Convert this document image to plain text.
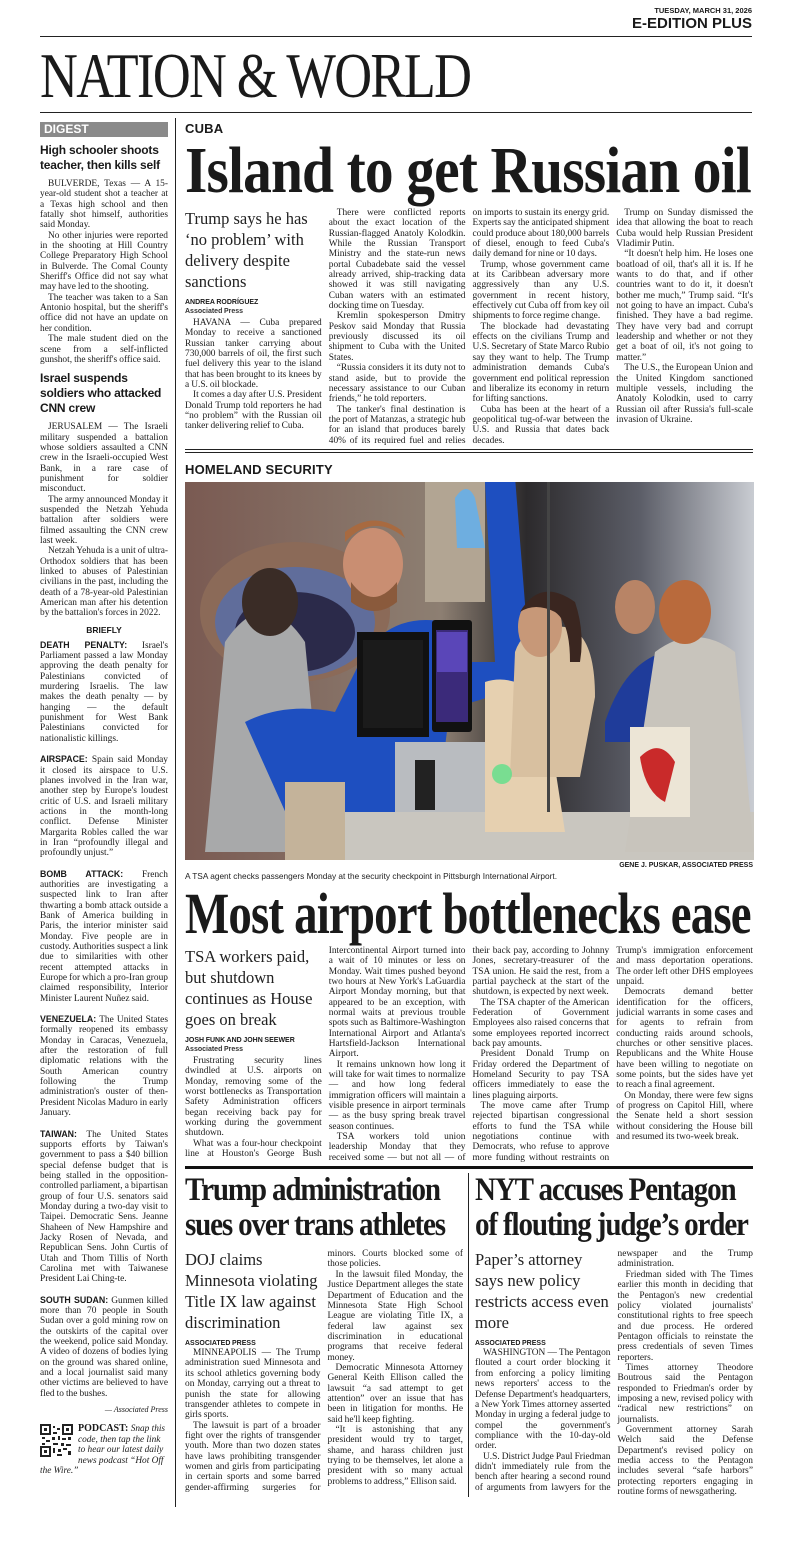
TUESDAY, MARCH 31, 2026
E-EDITION PLUS
NATION & WORLD
DIGEST
High schooler shoots teacher, then kills self

BULVERDE, Texas — A 15-year-old student shot a teacher at a Texas high school and then fatally shot himself, authorities said Monday.

No other injuries were reported in the shooting at Hill Country College Preparatory High School in Bulverde. The Comal County Sheriff's Office did not say what may have led to the shooting.

The teacher was taken to a San Antonio hospital, but the sheriff's office did not have an update on her condition.

The male student died on the scene from a self-inflicted gunshot, the sheriff's office said.

Israel suspends soldiers who attacked CNN crew

JERUSALEM — The Israeli military suspended a battalion whose soldiers assaulted a CNN crew in the Israeli-occupied West Bank, in a rare case of punishment for soldier misconduct.

The army announced Monday it suspended the Netzah Yehuda battalion after soldiers were filmed assaulting the CNN crew last week.

Netzah Yehuda is a unit of ultra-Orthodox soldiers that has been linked to abuses of Palestinian civilians in the past, including the death of a 78-year-old Palestinian American man after his detention by the battalion's forces in 2022.

BRIEFLY

DEATH PENALTY: Israel's Parliament passed a law Monday approving the death penalty for Palestinians convicted of murdering Israelis. The law makes the death penalty — by hanging — the default punishment for West Bank Palestinians convicted for nationalistic killings.

AIRSPACE: Spain said Monday it closed its airspace to U.S. planes involved in the Iran war, another step by Europe's loudest critic of U.S. and Israeli military actions in the month-long conflict. Defense Minister Margarita Robles called the war in Iran “profoundly illegal and profoundly unjust.”

BOMB ATTACK: French authorities are investigating a suspected link to Iran after thwarting a bomb attack outside a Bank of America building in Paris, the interior minister said Monday. Five people are in custody. Authorities suspect a link due to similarities with other recent attempted attacks in Europe for which a pro-Iran group claimed responsibility, Interior Minister Laurent Nuñez said.

VENEZUELA: The United States formally reopened its embassy Monday in Caracas, Venezuela, after the restoration of full diplomatic relations with the South American country following the Trump administration's ouster of then-President Nicolas Maduro in early January.

TAIWAN: The United States supports efforts by Taiwan's government to pass a $40 billion special defense budget that is being stalled in the opposition-controlled parliament, a bipartisan group of four U.S. senators said Monday during a two-day visit to Taipei. Democratic Sens. Jeanne Shaheen of New Hampshire and Jacky Rosen of Nevada, and Republican Sens. John Curtis of Utah and Thom Tillis of North Carolina met with Taiwanese President Lai Ching-te.

SOUTH SUDAN: Gunmen killed more than 70 people in South Sudan over a gold mining row on the outskirts of the capital over the weekend, police said Monday. A video of dozens of bodies lying on the ground was shared online, and a local journalist said many other victims are believed to have fled to the bushes.

— Associated Press
PODCAST: Snap this code, then tap the link to hear our latest daily news podcast “Hot Off the Wire.”
CUBA
Island to get Russian oil
Trump says he has ‘no problem’ with delivery despite sanctions
ANDREA RODRÍGUEZ
Associated Press

HAVANA — Cuba prepared Monday to receive a sanctioned Russian tanker carrying about 730,000 barrels of oil, the first such fuel delivery this year to the island that has been brought to its knees by a U.S. oil blockade.

It comes a day after U.S. President Donald Trump told reporters he had “no problem” with the Russian oil tanker delivering relief to Cuba.

There were conflicted reports about the exact location of the Russian-flagged Anatoly Kolodkin. While the Russian Transport Ministry and the state-run news portal Cubadebate said the vessel already arrived, ship-tracking data showed it was still navigating Cuban waters with an estimated docking time on Tuesday.

Kremlin spokesperson Dmitry Peskov said Monday that Russia previously discussed its oil shipment to Cuba with the United States.

“Russia considers it its duty not to stand aside, but to provide the necessary assistance to our Cuban friends,” he told reporters.

The tanker's final destination is the port of Matanzas, a strategic hub for an island that produces barely 40% of its required fuel and relies on imports to sustain its energy grid. Experts say the anticipated shipment could produce about 180,000 barrels of diesel, enough to feed Cuba's daily demand for nine or 10 days.

Trump, whose government came at its Caribbean adversary more aggressively than any U.S. government in recent history, effectively cut Cuba off from key oil shipments to force regime change.

The blockade had devastating effects on the civilians Trump and U.S. Secretary of State Marco Rubio say they want to help. The Trump administration demands Cuba's government end political repression and liberalize its economy in return for lifting sanctions.

Cuba has been at the heart of a geopolitical tug-of-war between the U.S. and Russia that dates back decades.

Trump on Sunday dismissed the idea that allowing the boat to reach Cuba would help Russian President Vladimir Putin.

“It doesn't help him. He loses one boatload of oil, that's all it is. If he wants to do that, and if other countries want to do it, it doesn't bother me much,” Trump said. “It's not going to have an impact. Cuba's finished. They have a bad regime. They have very bad and corrupt leadership and whether or not they get a boat of oil, it's not going to matter.”

The U.S., the European Union and the United Kingdom sanctioned multiple vessels, including the Anatoly Kolodkin, used to carry Russian oil after Russia's full-scale invasion of Ukraine.

HOMELAND SECURITY
GENE J. PUSKAR, ASSOCIATED PRESS
A TSA agent checks passengers Monday at the security checkpoint in Pittsburgh International Airport.
Most airport bottlenecks ease
TSA workers paid, but shutdown continues as House goes on break
JOSH FUNK AND JOHN SEEWER
Associated Press

Frustrating security lines dwindled at U.S. airports on Monday, removing some of the worst bottlenecks as Transportation Safety Administration officers began receiving back pay for working during the government shutdown.

What was a four-hour checkpoint line at Houston's George Bush Intercontinental Airport turned into a wait of 10 minutes or less on Monday. Wait times pushed beyond two hours at New York's LaGuardia Airport Monday morning, but that appeared to be an exception, with normal waits at previous trouble spots such as Baltimore-Washington International Airport and Atlanta's Hartsfield-Jackson International Airport.

It remains unknown how long it will take for wait times to normalize — and how long federal immigration officers will maintain a visible presence in airport terminals — as the busy spring break travel season continues.

TSA workers told union leadership Monday that they received some — but not all — of their back pay, according to Johnny Jones, secretary-treasurer of the TSA union. He said the rest, from a partial paycheck at the start of the shutdown, is expected by next week.

The TSA chapter of the American Federation of Government Employees also raised concerns that some employees reported incorrect back pay amounts.

President Donald Trump on Friday ordered the Department of Homeland Security to pay TSA officers immediately to ease the lines plaguing airports.

The move came after Trump rejected bipartisan congressional efforts to fund the TSA while negotiations continue with Democrats, who refuse to approve more funding without restraints on Trump's immigration enforcement and mass deportation operations. The order left other DHS employees unpaid.

Democrats demand better identification for the officers, judicial warrants in some cases and for agents to refrain from conducting raids around schools, churches or other sensitive places. Republicans and the White House have been willing to negotiate on some points, but the sides have yet to reach a final agreement.

On Monday, there were few signs of progress on Capitol Hill, where the Senate held a short session without considering the House bill and resumed its two-week break.

Trump administration sues over trans athletes
DOJ claims Minnesota violating Title IX law against discrimination
ASSOCIATED PRESS

MINNEAPOLIS — The Trump administration sued Minnesota and its school athletics governing body on Monday, carrying out a threat to punish the state for allowing transgender athletes to compete in girls sports.

The lawsuit is part of a broader fight over the rights of transgender youth. More than two dozen states have laws prohibiting transgender women and girls from participating in certain sports and some barred gender-affirming surgeries for minors. Courts blocked some of those policies.

In the lawsuit filed Monday, the Justice Department alleges the state Department of Education and the Minnesota State High School League are violating Title IX, a federal law against sex discrimination in educational programs that receive federal money.

Democratic Minnesota Attorney General Keith Ellison called the lawsuit “a sad attempt to get attention” over an issue that has been in litigation for months. He said he'll keep fighting.

“It is astonishing that any president would try to target, shame, and harass children just trying to be themselves, let alone a president with so many actual problems to address,” Ellison said.

NYT accuses Pentagon of flouting judge’s order
Paper’s attorney says new policy restricts access even more
ASSOCIATED PRESS

WASHINGTON — The Pentagon flouted a court order blocking it from enforcing a policy limiting news reporters' access to the Defense Department's headquarters, a New York Times attorney asserted Monday in urging a federal judge to compel the government's compliance with the 10-day-old order.

U.S. District Judge Paul Friedman didn't immediately rule from the bench after hearing a second round of arguments from lawyers for the newspaper and the Trump administration.

Friedman sided with The Times earlier this month in deciding that the Pentagon's new credential policy violated journalists' constitutional rights to free speech and due process. He ordered Pentagon officials to reinstate the press credentials of seven Times reporters.

Times attorney Theodore Boutrous said the Pentagon responded to Friedman's order by imposing a new, revised policy with “radical new restrictions” on journalists.

Government attorney Sarah Welch said the Defense Department's revised policy on media access to the Pentagon includes several “safe harbors” protecting reporters engaging in routine forms of newsgathering.
